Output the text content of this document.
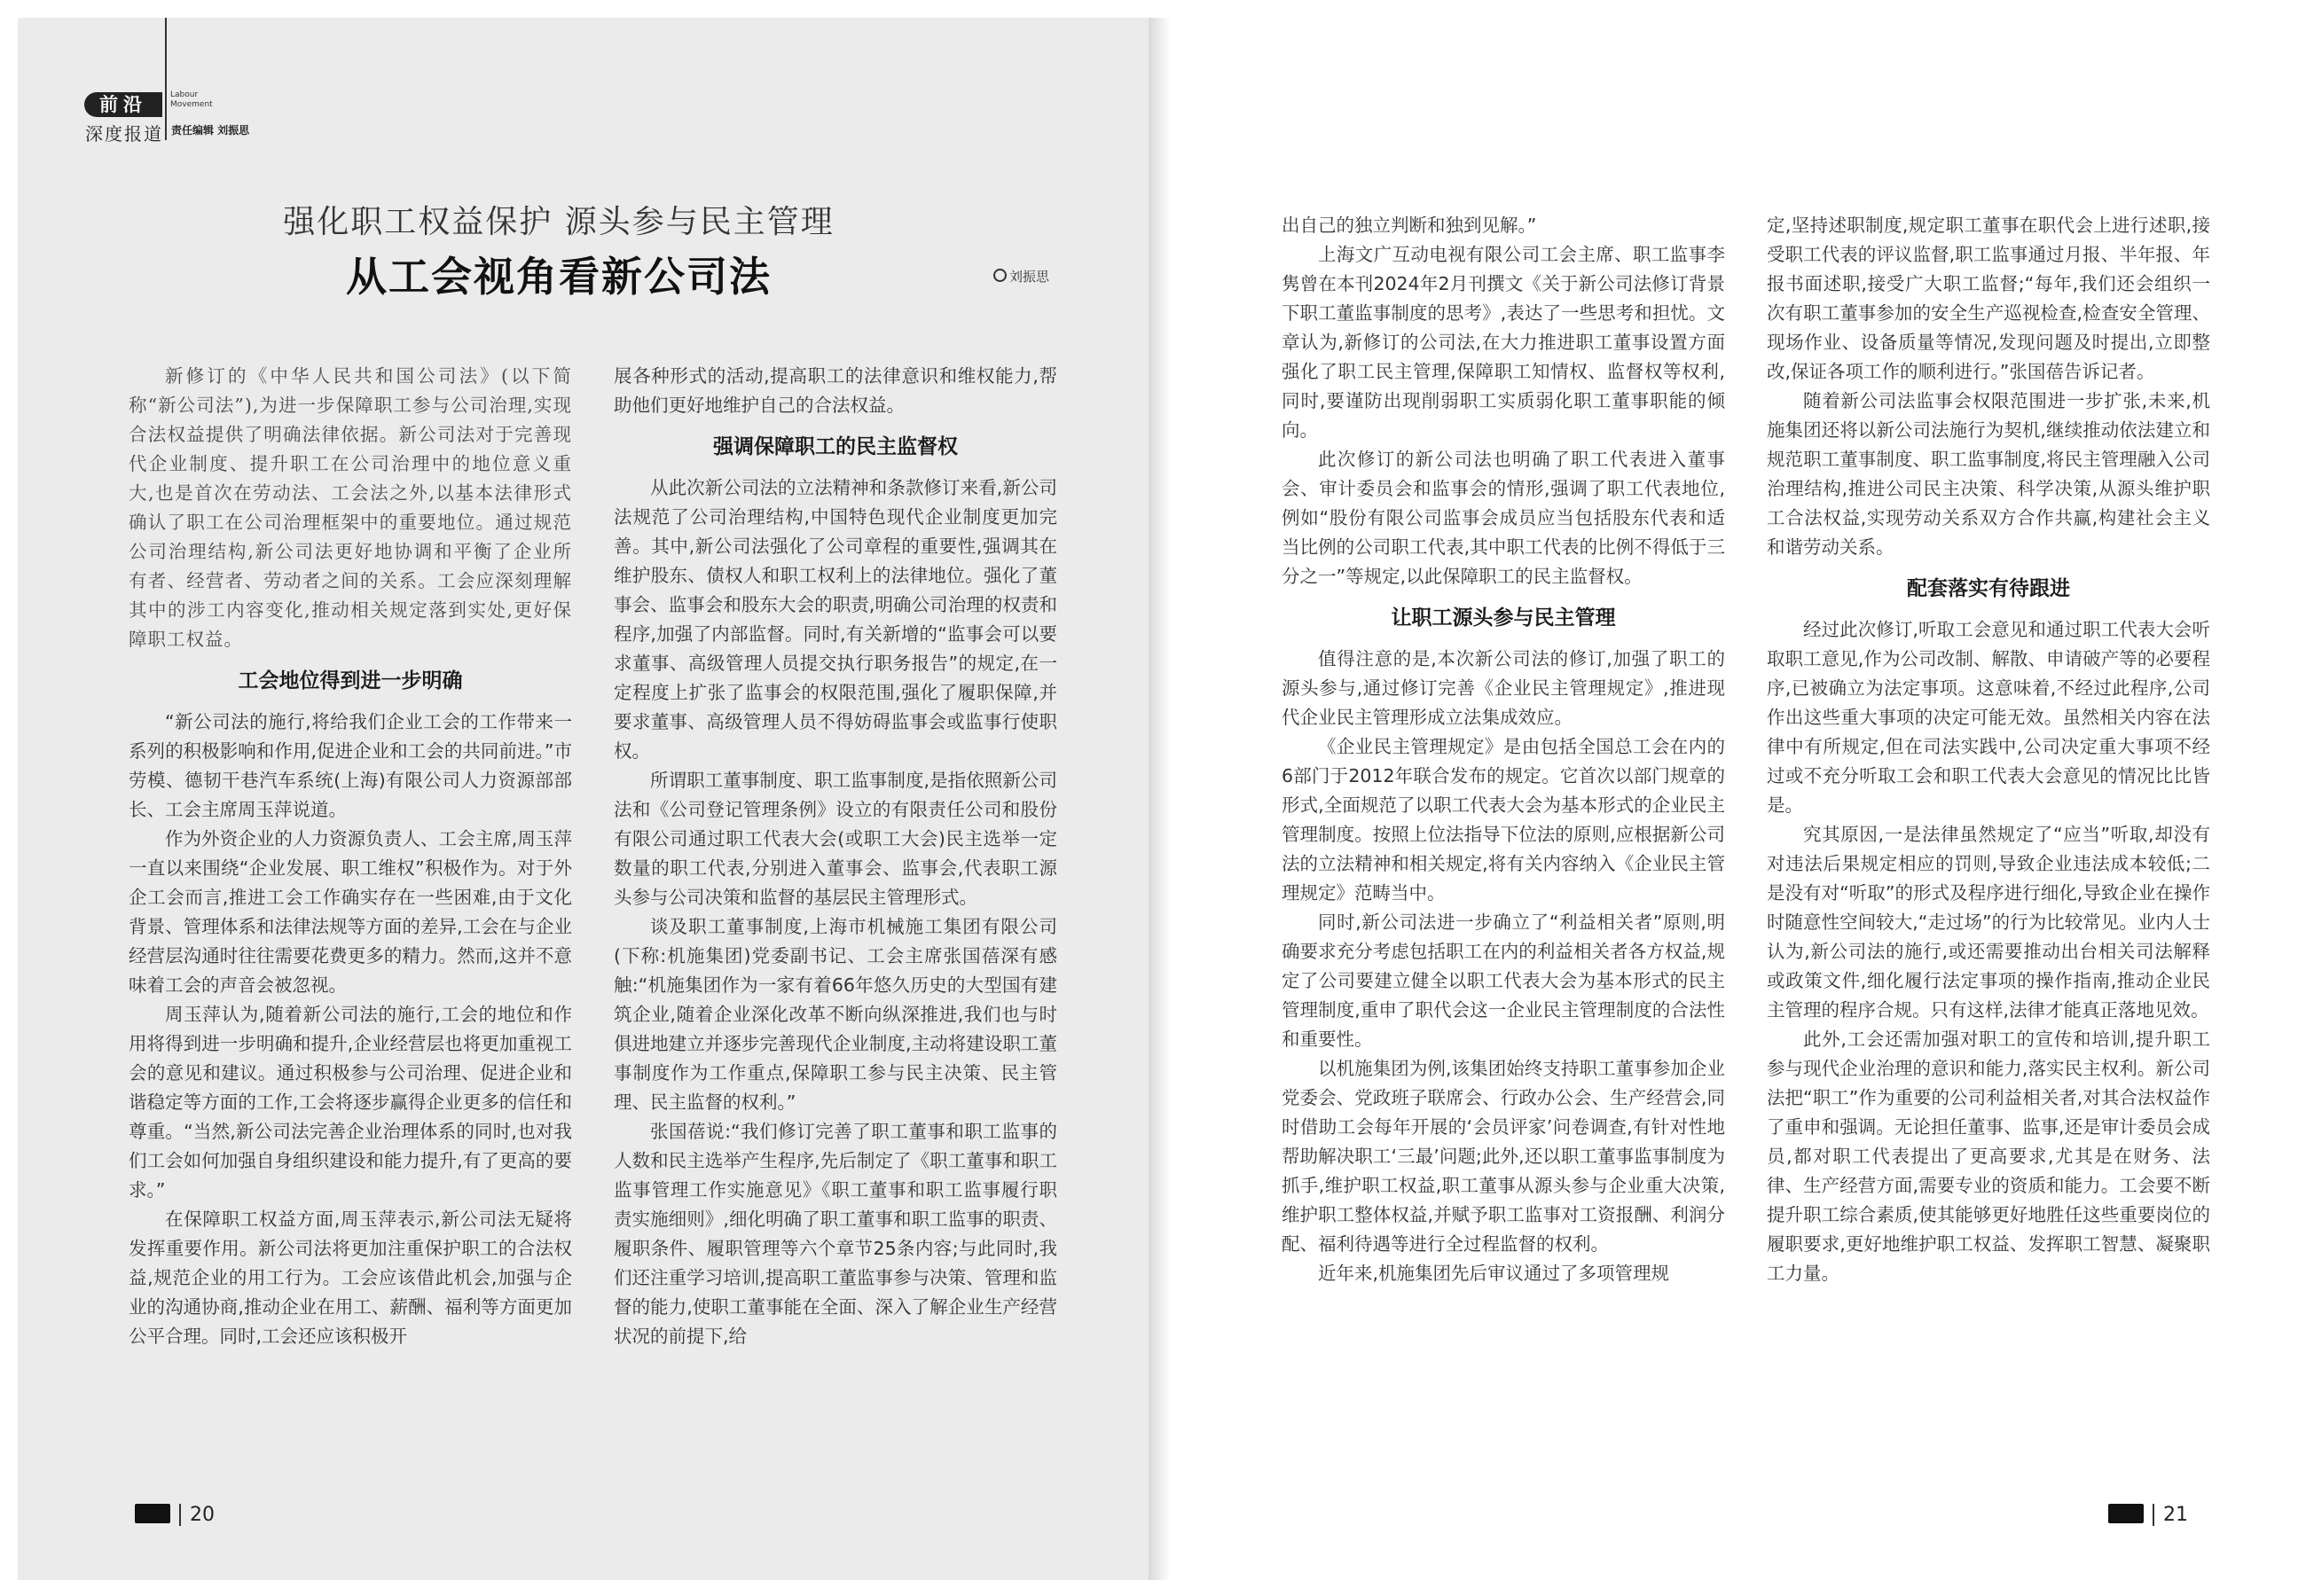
前沿	Labour
Movement
深度报道 责任编辑 刘振思
强化职工权益保护 源头参与民主管理
从工会视角看新公司法	刘振思

新修订的《中华人民共和国公司法》(以下简称“新公司法”),为进一步保障职工参与公司治理,实现合法权益提供了明确法律依据。新公司法对于完善现代企业制度、提升职工在公司治理中的地位意义重大,也是首次在劳动法、工会法之外,以基本法律形式确认了职工在公司治理框架中的重要地位。通过规范公司治理结构,新公司法更好地协调和平衡了企业所有者、经营者、劳动者之间的关系。工会应深刻理解其中的涉工内容变化,推动相关规定落到实处,更好保障职工权益。

工会地位得到进一步明确

“新公司法的施行,将给我们企业工会的工作带来一系列的积极影响和作用,促进企业和工会的共同前进。”市劳模、德韧干巷汽车系统(上海)有限公司人力资源部部长、工会主席周玉萍说道。

作为外资企业的人力资源负责人、工会主席,周玉萍一直以来围绕“企业发展、职工维权”积极作为。对于外企工会而言,推进工会工作确实存在一些困难,由于文化背景、管理体系和法律法规等方面的差异,工会在与企业经营层沟通时往往需要花费更多的精力。然而,这并不意味着工会的声音会被忽视。

周玉萍认为,随着新公司法的施行,工会的地位和作用将得到进一步明确和提升,企业经营层也将更加重视工会的意见和建议。通过积极参与公司治理、促进企业和谐稳定等方面的工作,工会将逐步赢得企业更多的信任和尊重。“当然,新公司法完善企业治理体系的同时,也对我们工会如何加强自身组织建设和能力提升,有了更高的要求。”

在保障职工权益方面,周玉萍表示,新公司法无疑将发挥重要作用。新公司法将更加注重保护职工的合法权益,规范企业的用工行为。工会应该借此机会,加强与企业的沟通协商,推动企业在用工、薪酬、福利等方面更加公平合理。同时,工会还应该积极开

展各种形式的活动,提高职工的法律意识和维权能力,帮助他们更好地维护自己的合法权益。

强调保障职工的民主监督权

从此次新公司法的立法精神和条款修订来看,新公司法规范了公司治理结构,中国特色现代企业制度更加完善。其中,新公司法强化了公司章程的重要性,强调其在维护股东、债权人和职工权利上的法律地位。强化了董事会、监事会和股东大会的职责,明确公司治理的权责和程序,加强了内部监督。同时,有关新增的“监事会可以要求董事、高级管理人员提交执行职务报告”的规定,在一定程度上扩张了监事会的权限范围,强化了履职保障,并要求董事、高级管理人员不得妨碍监事会或监事行使职权。

所谓职工董事制度、职工监事制度,是指依照新公司法和《公司登记管理条例》设立的有限责任公司和股份有限公司通过职工代表大会(或职工大会)民主选举一定数量的职工代表,分别进入董事会、监事会,代表职工源头参与公司决策和监督的基层民主管理形式。

谈及职工董事制度,上海市机械施工集团有限公司(下称:机施集团)党委副书记、工会主席张国蓓深有感触:“机施集团作为一家有着66年悠久历史的大型国有建筑企业,随着企业深化改革不断向纵深推进,我们也与时俱进地建立并逐步完善现代企业制度,主动将建设职工董事制度作为工作重点,保障职工参与民主决策、民主管理、民主监督的权利。”

张国蓓说:“我们修订完善了职工董事和职工监事的人数和民主选举产生程序,先后制定了《职工董事和职工监事管理工作实施意见》《职工董事和职工监事履行职责实施细则》,细化明确了职工董事和职工监事的职责、履职条件、履职管理等六个章节25条内容;与此同时,我们还注重学习培训,提高职工董监事参与决策、管理和监督的能力,使职工董事能在全面、深入了解企业生产经营状况的前提下,给

出自己的独立判断和独到见解。”

上海文广互动电视有限公司工会主席、职工监事李隽曾在本刊2024年2月刊撰文《关于新公司法修订背景下职工董监事制度的思考》,表达了一些思考和担忧。文章认为,新修订的公司法,在大力推进职工董事设置方面强化了职工民主管理,保障职工知情权、监督权等权利,同时,要谨防出现削弱职工实质弱化职工董事职能的倾向。

此次修订的新公司法也明确了职工代表进入董事会、审计委员会和监事会的情形,强调了职工代表地位,例如“股份有限公司监事会成员应当包括股东代表和适当比例的公司职工代表,其中职工代表的比例不得低于三分之一”等规定,以此保障职工的民主监督权。

让职工源头参与民主管理

值得注意的是,本次新公司法的修订,加强了职工的源头参与,通过修订完善《企业民主管理规定》,推进现代企业民主管理形成立法集成效应。

《企业民主管理规定》是由包括全国总工会在内的6部门于2012年联合发布的规定。它首次以部门规章的形式,全面规范了以职工代表大会为基本形式的企业民主管理制度。按照上位法指导下位法的原则,应根据新公司法的立法精神和相关规定,将有关内容纳入《企业民主管理规定》范畴当中。

同时,新公司法进一步确立了“利益相关者”原则,明确要求充分考虑包括职工在内的利益相关者各方权益,规定了公司要建立健全以职工代表大会为基本形式的民主管理制度,重申了职代会这一企业民主管理制度的合法性和重要性。

以机施集团为例,该集团始终支持职工董事参加企业党委会、党政班子联席会、行政办公会、生产经营会,同时借助工会每年开展的‘会员评家’问卷调查,有针对性地帮助解决职工‘三最’问题;此外,还以职工董事监事制度为抓手,维护职工权益,职工董事从源头参与企业重大决策,维护职工整体权益,并赋予职工监事对工资报酬、利润分配、福利待遇等进行全过程监督的权利。

近年来,机施集团先后审议通过了多项管理规

定,坚持述职制度,规定职工董事在职代会上进行述职,接受职工代表的评议监督,职工监事通过月报、半年报、年报书面述职,接受广大职工监督;“每年,我们还会组织一次有职工董事参加的安全生产巡视检查,检查安全管理、现场作业、设备质量等情况,发现问题及时提出,立即整改,保证各项工作的顺利进行。”张国蓓告诉记者。

随着新公司法监事会权限范围进一步扩张,未来,机施集团还将以新公司法施行为契机,继续推动依法建立和规范职工董事制度、职工监事制度,将民主管理融入公司治理结构,推进公司民主决策、科学决策,从源头维护职工合法权益,实现劳动关系双方合作共赢,构建社会主义和谐劳动关系。

配套落实有待跟进

经过此次修订,听取工会意见和通过职工代表大会听取职工意见,作为公司改制、解散、申请破产等的必要程序,已被确立为法定事项。这意味着,不经过此程序,公司作出这些重大事项的决定可能无效。虽然相关内容在法律中有所规定,但在司法实践中,公司决定重大事项不经过或不充分听取工会和职工代表大会意见的情况比比皆是。

究其原因,一是法律虽然规定了“应当”听取,却没有对违法后果规定相应的罚则,导致企业违法成本较低;二是没有对“听取”的形式及程序进行细化,导致企业在操作时随意性空间较大,“走过场”的行为比较常见。业内人士认为,新公司法的施行,或还需要推动出台相关司法解释或政策文件,细化履行法定事项的操作指南,推动企业民主管理的程序合规。只有这样,法律才能真正落地见效。

此外,工会还需加强对职工的宣传和培训,提升职工参与现代企业治理的意识和能力,落实民主权利。新公司法把“职工”作为重要的公司利益相关者,对其合法权益作了重申和强调。无论担任董事、监事,还是审计委员会成员,都对职工代表提出了更高要求,尤其是在财务、法律、生产经营方面,需要专业的资质和能力。工会要不断提升职工综合素质,使其能够更好地胜任这些重要岗位的履职要求,更好地维护职工权益、发挥职工智慧、凝聚职工力量。

20	21
